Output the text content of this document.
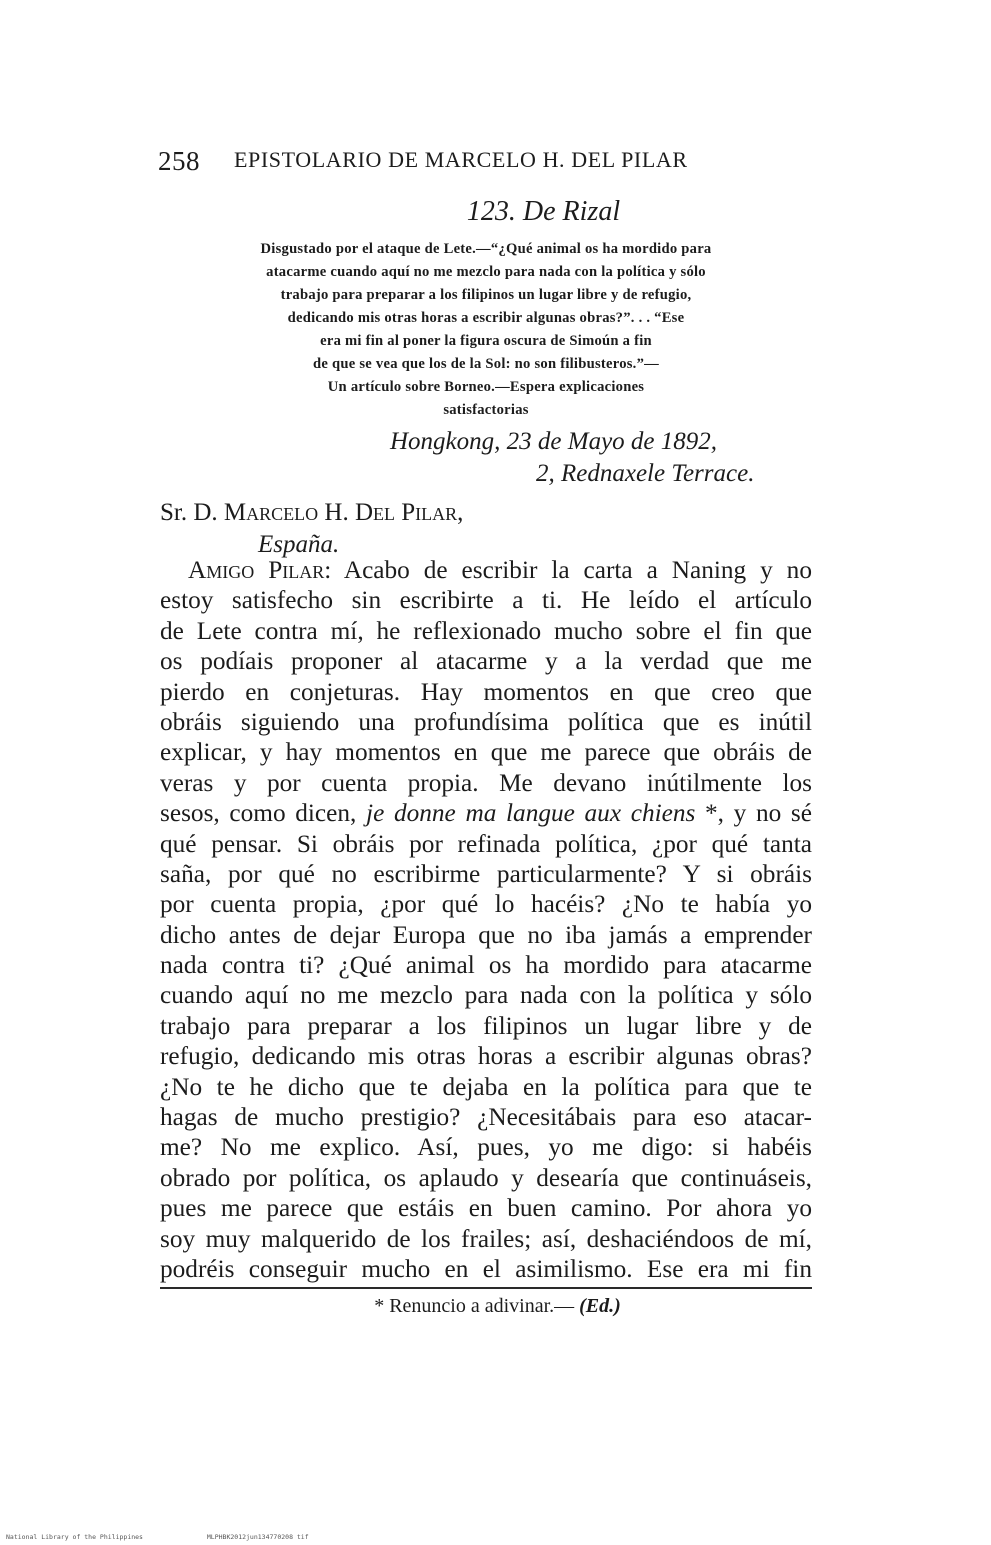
258 EPISTOLARIO DE MARCELO H. DEL PILAR
123. De Rizal
Disgustado por el ataque de Lete.—“¿Qué animal os ha mordido para
atacarme cuando aquí no me mezclo para nada con la política y sólo
trabajo para preparar a los filipinos un lugar libre y de refugio,
dedicando mis otras horas a escribir algunas obras?”. . . “Ese
era mi fin al poner la figura oscura de Simoún a fin
de que se vea que los de la Sol: no son filibusteros.”—
Un artículo sobre Borneo.—Espera explicaciones
satisfactorias
Hongkong, 23 de Mayo de 1892,
2, Rednaxele Terrace.
Sr. D. Marcelo H. Del Pilar,
España.
Amigo Pilar: Acabo de escribir la carta a Naning y no
estoy satisfecho sin escribirte a ti. He leído el artículo
de Lete contra mí, he reflexionado mucho sobre el fin que
os podíais proponer al atacarme y a la verdad que me
pierdo en conjeturas. Hay momentos en que creo que
obráis siguiendo una profundísima política que es inútil
explicar, y hay momentos en que me parece que obráis de
veras y por cuenta propia. Me devano inútilmente los
sesos, como dicen, je donne ma langue aux chiens *, y no sé
qué pensar. Si obráis por refinada política, ¿por qué tanta
saña, por qué no escribirme particularmente? Y si obráis
por cuenta propia, ¿por qué lo hacéis? ¿No te había yo
dicho antes de dejar Europa que no iba jamás a emprender
nada contra ti? ¿Qué animal os ha mordido para atacarme
cuando aquí no me mezclo para nada con la política y sólo
trabajo para preparar a los filipinos un lugar libre y de
refugio, dedicando mis otras horas a escribir algunas obras?
¿No te he dicho que te dejaba en la política para que te
hagas de mucho prestigio? ¿Necesitábais para eso atacar-
me? No me explico. Así, pues, yo me digo: si habéis
obrado por política, os aplaudo y desearía que continuáseis,
pues me parece que estáis en buen camino. Por ahora yo
soy muy malquerido de los frailes; así, deshaciéndoos de mí,
podréis conseguir mucho en el asimilismo. Ese era mi fin
* Renuncio a adivinar.— (Ed.)
National Library of the Philippines	MLPHBK2012jun134770208 tif
